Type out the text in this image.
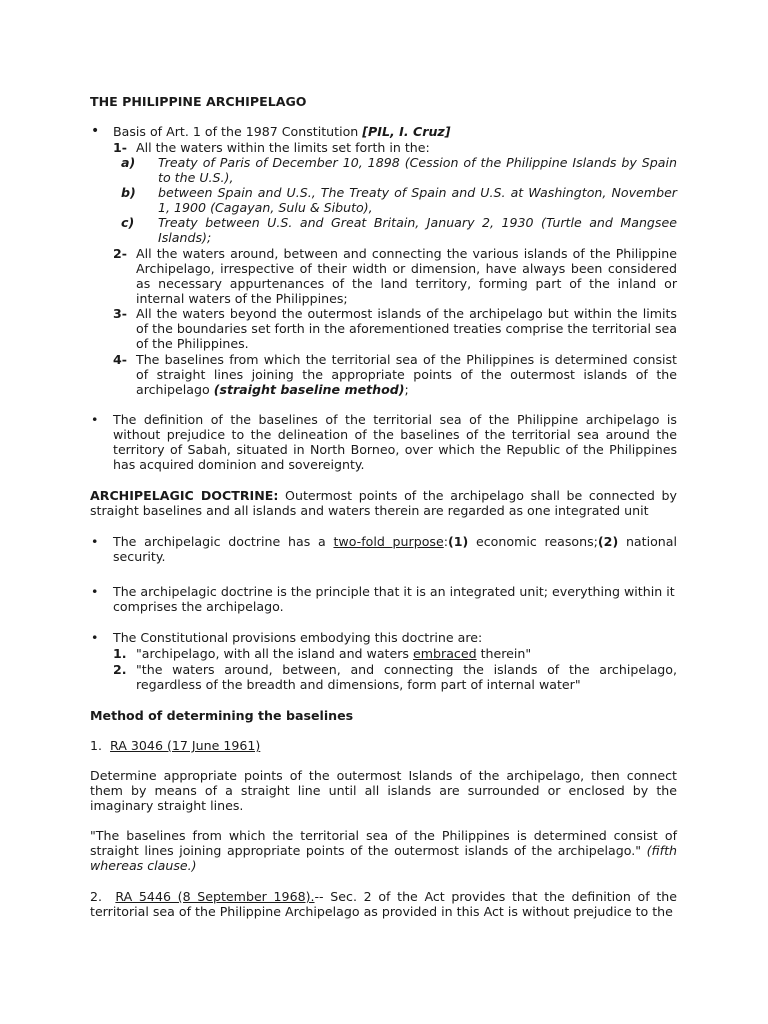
THE PHILIPPINE ARCHIPELAGO
• Basis of Art. 1 of the 1987 Constitution [PIL, I. Cruz]
1- All the waters within the limits set forth in the:
a) Treaty of Paris of December 10, 1898 (Cession of the Philippine Islands by Spain to the U.S.),
b) between Spain and U.S., The Treaty of Spain and U.S. at Washington, November 1, 1900 (Cagayan, Sulu & Sibuto),
c) Treaty between U.S. and Great Britain, January 2, 1930 (Turtle and Mangsee Islands);
2- All the waters around, between and connecting the various islands of the Philippine Archipelago, irrespective of their width or dimension, have always been considered as necessary appurtenances of the land territory, forming part of the inland or internal waters of the Philippines;
3- All the waters beyond the outermost islands of the archipelago but within the limits of the boundaries set forth in the aforementioned treaties comprise the territorial sea of the Philippines.
4- The baselines from which the territorial sea of the Philippines is determined consist of straight lines joining the appropriate points of the outermost islands of the archipelago (straight baseline method);
• The definition of the baselines of the territorial sea of the Philippine archipelago is without prejudice to the delineation of the baselines of the territorial sea around the territory of Sabah, situated in North Borneo, over which the Republic of the Philippines has acquired dominion and sovereignty.
ARCHIPELAGIC DOCTRINE: Outermost points of the archipelago shall be connected by straight baselines and all islands and waters therein are regarded as one integrated unit
• The archipelagic doctrine has a two-fold purpose:(1) economic reasons;(2) national security.
• The archipelagic doctrine is the principle that it is an integrated unit; everything within it comprises the archipelago.
• The Constitutional provisions embodying this doctrine are:
1. "archipelago, with all the island and waters embraced therein"
2. "the waters around, between, and connecting the islands of the archipelago, regardless of the breadth and dimensions, form part of internal water"
Method of determining the baselines
1. RA 3046 (17 June 1961)
Determine appropriate points of the outermost Islands of the archipelago, then connect them by means of a straight line until all islands are surrounded or enclosed by the imaginary straight lines.
"The baselines from which the territorial sea of the Philippines is determined consist of straight lines joining appropriate points of the outermost islands of the archipelago." (fifth whereas clause.)
2. RA 5446 (8 September 1968).-- Sec. 2 of the Act provides that the definition of the territorial sea of the Philippine Archipelago as provided in this Act is without prejudice to the
